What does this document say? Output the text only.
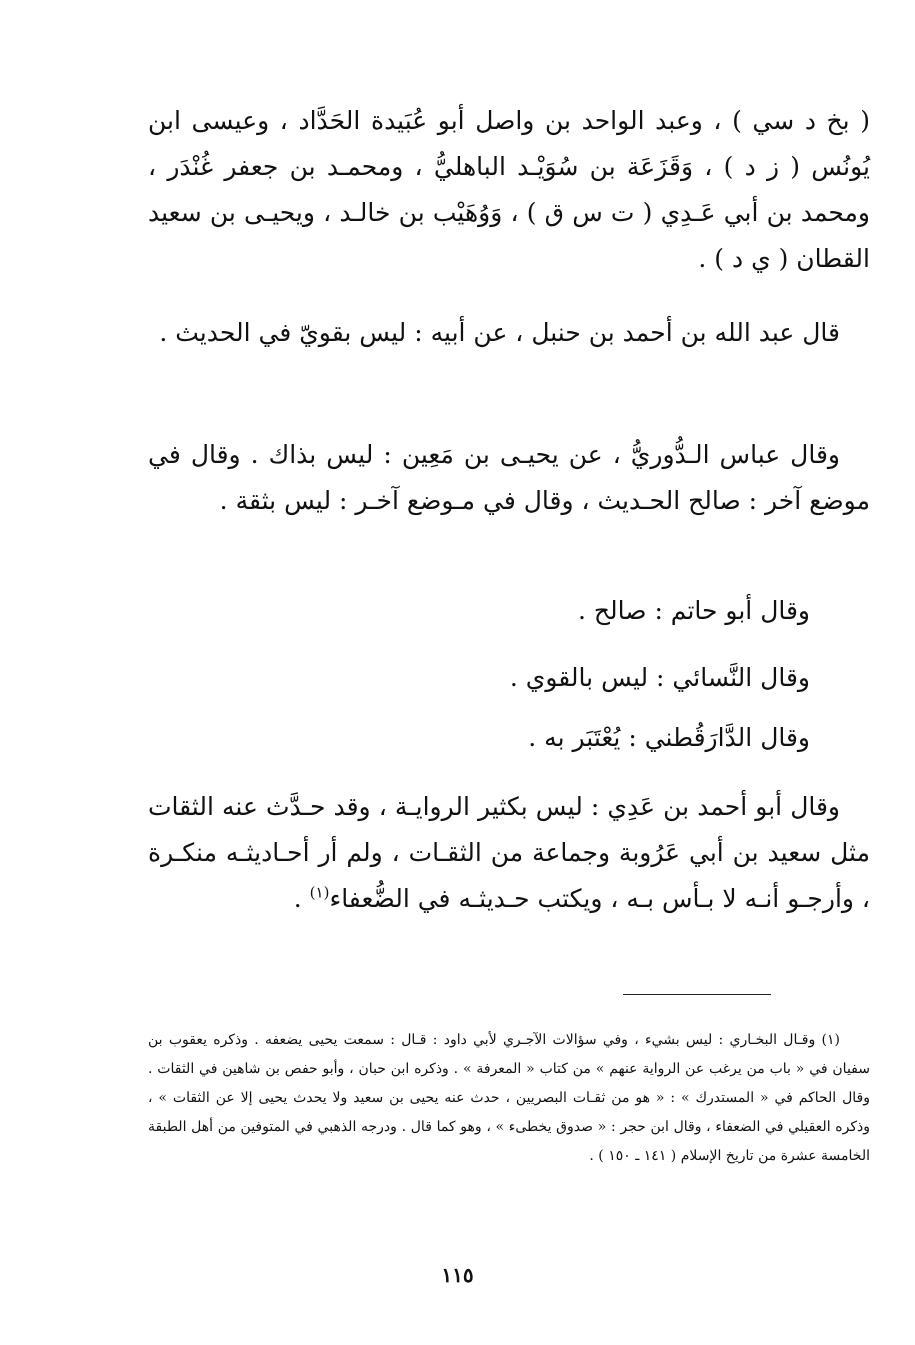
( بخ د سي ) ، وعبد الواحد بن واصل أبو عُبَيدة الحَدَّاد ، وعيسى ابن يُونُس ( ز د ) ، وَقَزَعَة بن سُوَيْـد الباهليُّ ، ومحمـد بن جعفر غُنْدَر ، ومحمد بن أبي عَـدِي ( ت س ق ) ، وَوُهَيْب بن خالـد ، ويحيـى بن سعيد القطان ( ي د ) .
قال عبد الله بن أحمد بن حنبل ، عن أبيه : ليس بقويّ في الحديث .
وقال عباس الـدُّوريُّ ، عن يحيـى بن مَعِين : ليس بذاك . وقال في موضع آخر : صالح الحـديث ، وقال في مـوضع آخـر : ليس بثقة .
وقال أبو حاتم : صالح .
وقال النَّسائي : ليس بالقوي .
وقال الدَّارَقُطني : يُعْتَبَر به .
وقال أبو أحمد بن عَدِي : ليس بكثير الروايـة ، وقد حـدَّث عنه الثقات مثل سعيد بن أبي عَرُوبة وجماعة من الثقـات ، ولم أر أحـاديثـه منكـرة ، وأرجـو أنـه لا بـأس بـه ، ويكتب حـديثـه في الضُّعفاء$^{(١)}$ .
(١) وقـال البخـاري : ليس بشيء ، وفي سؤالات الآجـري لأبي داود : قـال : سمعت يحيى يضعفه . وذكره يعقوب بن سفيان في « باب من يرغب عن الرواية عنهم » من كتاب « المعرفة » . وذكره ابن حبان ، وأبو حفص بن شاهين في الثقات . وقال الحاكم في « المستدرك » : « هو من ثقـات البصريين ، حدث عنه يحيى بن سعيد ولا يحدث يحيى إلا عن الثقات » ، وذكره العقيلي في الضعفاء ، وقال ابن حجر : « صدوق يخطىء » ، وهو كما قال . ودرجه الذهبي في المتوفين من أهل الطبقة الخامسة عشرة من تاريخ الإسلام ( ١٤١ ـ ١٥٠ ) .
١١٥
